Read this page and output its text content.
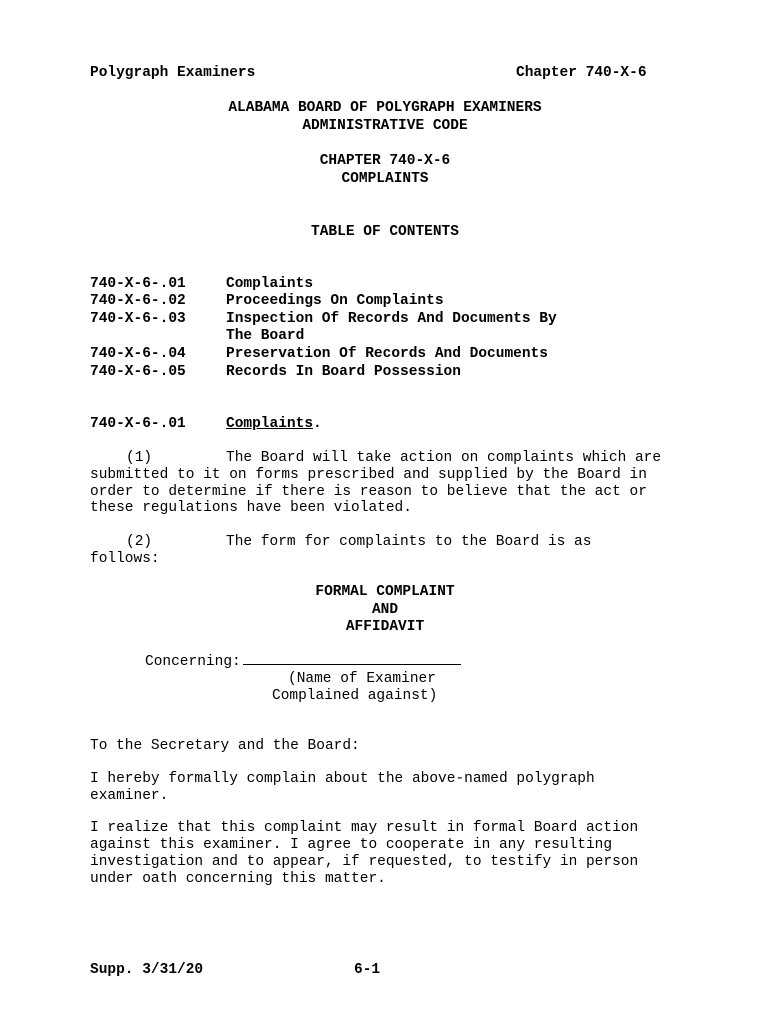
Polygraph Examiners	Chapter 740-X-6
ALABAMA BOARD OF POLYGRAPH EXAMINERS
ADMINISTRATIVE CODE
CHAPTER 740-X-6
COMPLAINTS
TABLE OF CONTENTS
740-X-6-.01	Complaints
740-X-6-.02	Proceedings On Complaints
740-X-6-.03	Inspection Of Records And Documents By
The Board
740-X-6-.04	Preservation Of Records And Documents
740-X-6-.05	Records In Board Possession
740-X-6-.01	Complaints.
(1)	The Board will take action on complaints which are
submitted to it on forms prescribed and supplied by the Board in
order to determine if there is reason to believe that the act or
these regulations have been violated.
(2)	The form for complaints to the Board is as
follows:
FORMAL COMPLAINT
AND
AFFIDAVIT
Concerning:
(Name of Examiner
Complained against)
To the Secretary and the Board:
I hereby formally complain about the above-named polygraph
examiner.
I realize that this complaint may result in formal Board action
against this examiner. I agree to cooperate in any resulting
investigation and to appear, if requested, to testify in person
under oath concerning this matter.
Supp. 3/31/20	6-1
